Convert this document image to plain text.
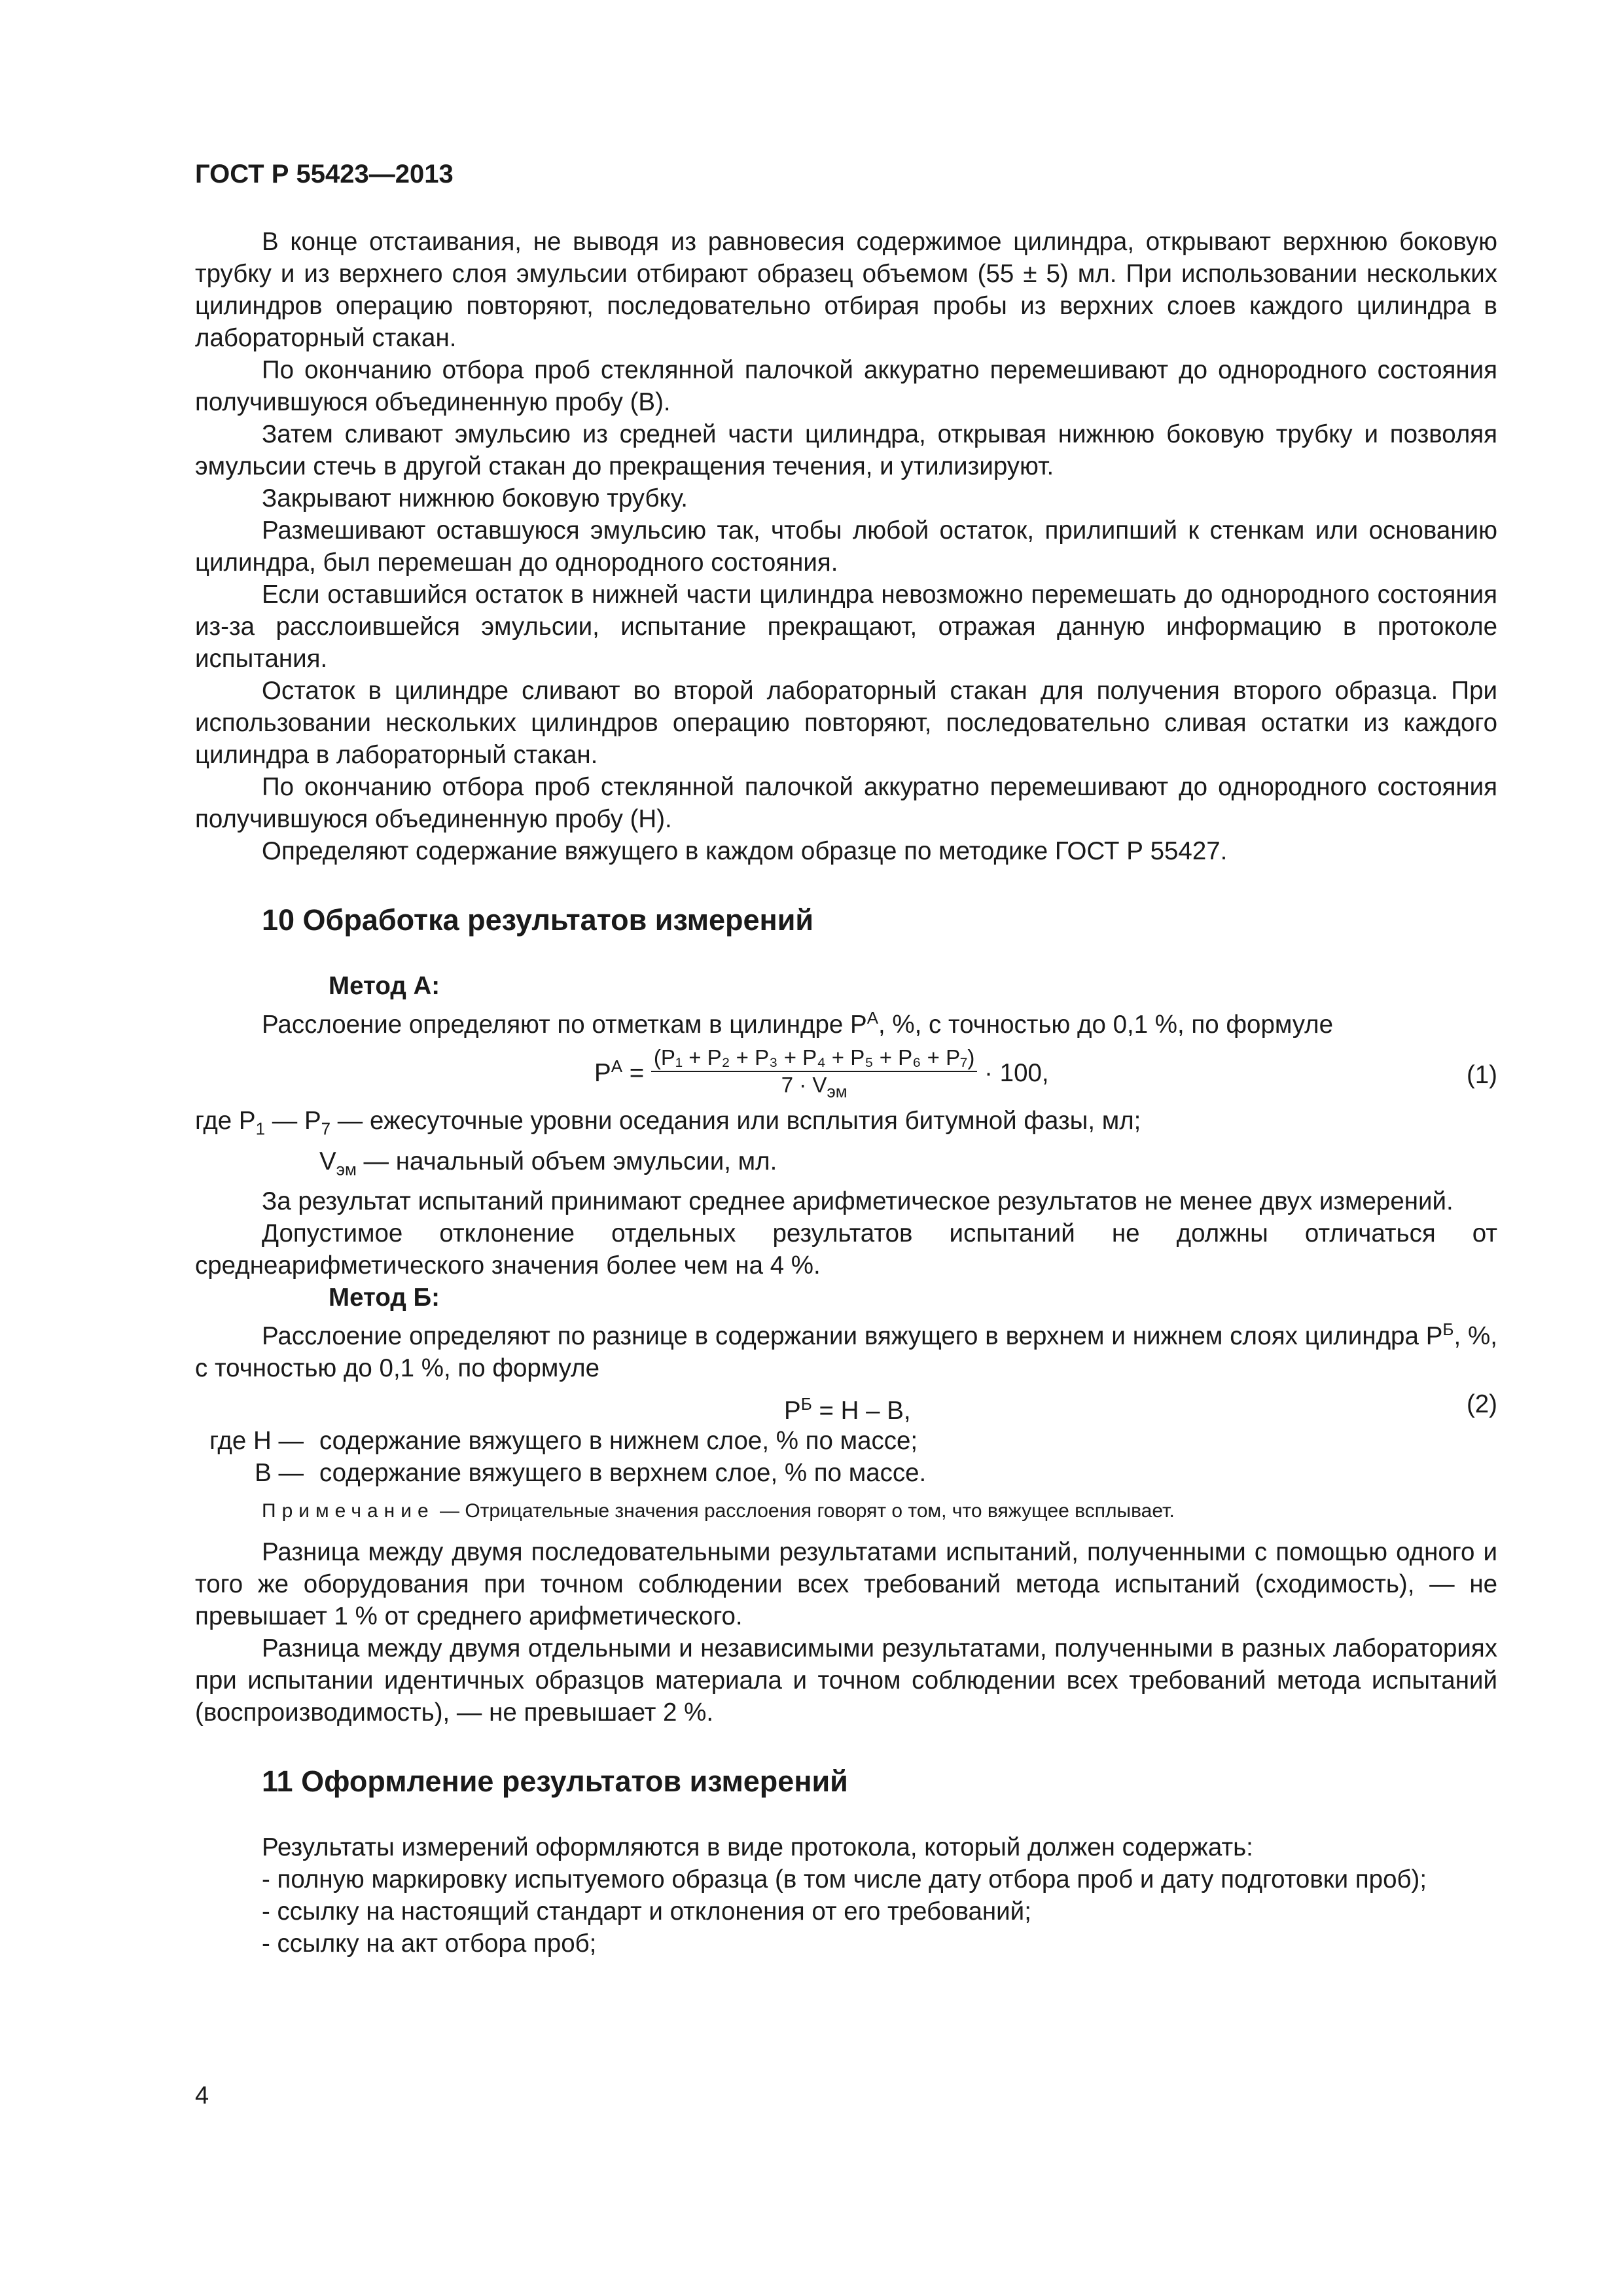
ГОСТ Р 55423—2013

В конце отстаивания, не выводя из равновесия содержимое цилиндра, открывают верхнюю боковую трубку и из верхнего слоя эмульсии отбирают образец объемом (55 ± 5) мл. При использовании нескольких цилиндров операцию повторяют, последовательно отбирая пробы из верхних слоев каждого цилиндра в лабораторный стакан.

По окончанию отбора проб стеклянной палочкой аккуратно перемешивают до однородного состояния получившуюся объединенную пробу (В).

Затем сливают эмульсию из средней части цилиндра, открывая нижнюю боковую трубку и позволяя эмульсии стечь в другой стакан до прекращения течения, и утилизируют.

Закрывают нижнюю боковую трубку.

Размешивают оставшуюся эмульсию так, чтобы любой остаток, прилипший к стенкам или основанию цилиндра, был перемешан до однородного состояния.

Если оставшийся остаток в нижней части цилиндра невозможно перемешать до однородного состояния из-за расслоившейся эмульсии, испытание прекращают, отражая данную информацию в протоколе испытания.

Остаток в цилиндре сливают во второй лабораторный стакан для получения второго образца. При использовании нескольких цилиндров операцию повторяют, последовательно сливая остатки из каждого цилиндра в лабораторный стакан.

По окончанию отбора проб стеклянной палочкой аккуратно перемешивают до однородного состояния получившуюся объединенную пробу (Н).

Определяют содержание вяжущего в каждом образце по методике ГОСТ Р 55427.

10 Обработка результатов измерений

Метод А:

Расслоение определяют по отметкам в цилиндре $Р^А$, %, с точностью до 0,1 %, по формуле

$Р^А = \frac{\text{(Р₁ + Р₂ + Р₃ + Р₄ + Р₅ + Р₆ + Р₇)}}{7 \cdot V_{эм}} \cdot 100$,	(1)

где $Р_1$ — $Р_7$ — ежесуточные уровни оседания или всплытия битумной фазы, мл;

$V_{эм}$ — начальный объем эмульсии, мл.

За результат испытаний принимают среднее арифметическое результатов не менее двух измерений.

Допустимое отклонение отдельных результатов испытаний не должны отличаться от среднеарифметического значения более чем на 4 %.

Метод Б:

Расслоение определяют по разнице в содержании вяжущего в верхнем и нижнем слоях цилиндра $Р^Б$, %, с точностью до 0,1 %, по формуле

$Р^Б = Н - В$,	(2)
где Н — содержание вяжущего в нижнем слое, % по массе;
В — содержание вяжущего в верхнем слое, % по массе.
Примечание — Отрицательные значения расслоения говорят о том, что вяжущее всплывает.

Разница между двумя последовательными результатами испытаний, полученными с помощью одного и того же оборудования при точном соблюдении всех требований метода испытаний (сходимость), — не превышает 1 % от среднего арифметического.

Разница между двумя отдельными и независимыми результатами, полученными в разных лабораториях при испытании идентичных образцов материала и точном соблюдении всех требований метода испытаний (воспроизводимость), — не превышает 2 %.

11 Оформление результатов измерений

Результаты измерений оформляются в виде протокола, который должен содержать:

- полную маркировку испытуемого образца (в том числе дату отбора проб и дату подготовки проб);

- ссылку на настоящий стандарт и отклонения от его требований;

- ссылку на акт отбора проб;

4
